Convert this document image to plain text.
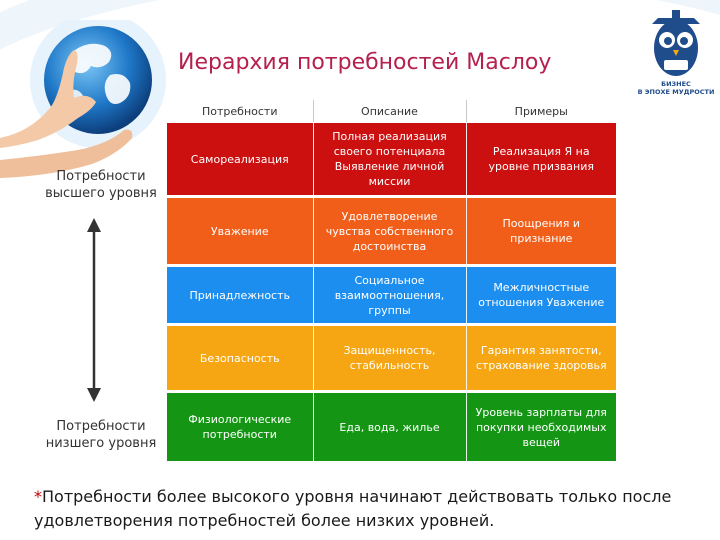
Иерархия потребностей Маслоу
БИЗНЕС
В ЭПОХЕ МУДРОСТИ
Потребности высшего уровня
Потребности низшего уровня
Потребности	Описание	Примеры
Самореализация	Полная реализация своего потенциала Выявление личной миссии	Реализация Я на уровне призвания
Уважение	Удовлетворение чувства собственного достоинства	Поощрения и признание
Принадлежность	Социальное взаимоотношения, группы	Межличностные отношения Уважение
Безопасность	Защищенность, стабильность	Гарантия занятости, страхование здоровья
Физиологические потребности	Еда, вода, жилье	Уровень зарплаты для покупки необходимых вещей
*Потребности более высокого уровня начинают действовать только после удовлетворения потребностей более низких уровней.
